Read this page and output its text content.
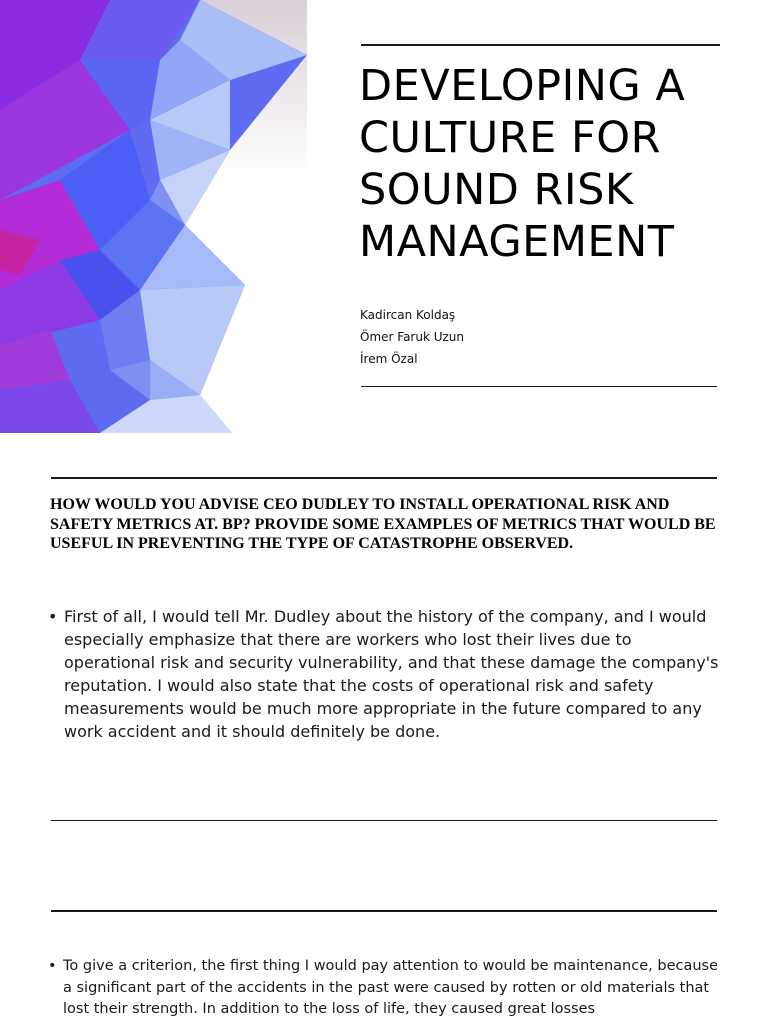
DEVELOPING A
CULTURE FOR
SOUND RISK
MANAGEMENT
Kadircan Koldaş
Ömer Faruk Uzun
İrem Özal

HOW WOULD YOU ADVISE CEO DUDLEY TO INSTALL OPERATIONAL RISK AND SAFETY METRICS AT. BP? PROVIDE SOME EXAMPLES OF METRICS THAT WOULD BE USEFUL IN PREVENTING THE TYPE OF CATASTROPHE OBSERVED.

• First of all, I would tell Mr. Dudley about the history of the company, and I would especially emphasize that there are workers who lost their lives due to operational risk and security vulnerability, and that these damage the company's reputation. I would also state that the costs of operational risk and safety measurements would be much more appropriate in the future compared to any work accident and it should definitely be done.
• To give a criterion, the first thing I would pay attention to would be maintenance, because a significant part of the accidents in the past were caused by rotten or old materials that lost their strength. In addition to the loss of life, they caused great losses
